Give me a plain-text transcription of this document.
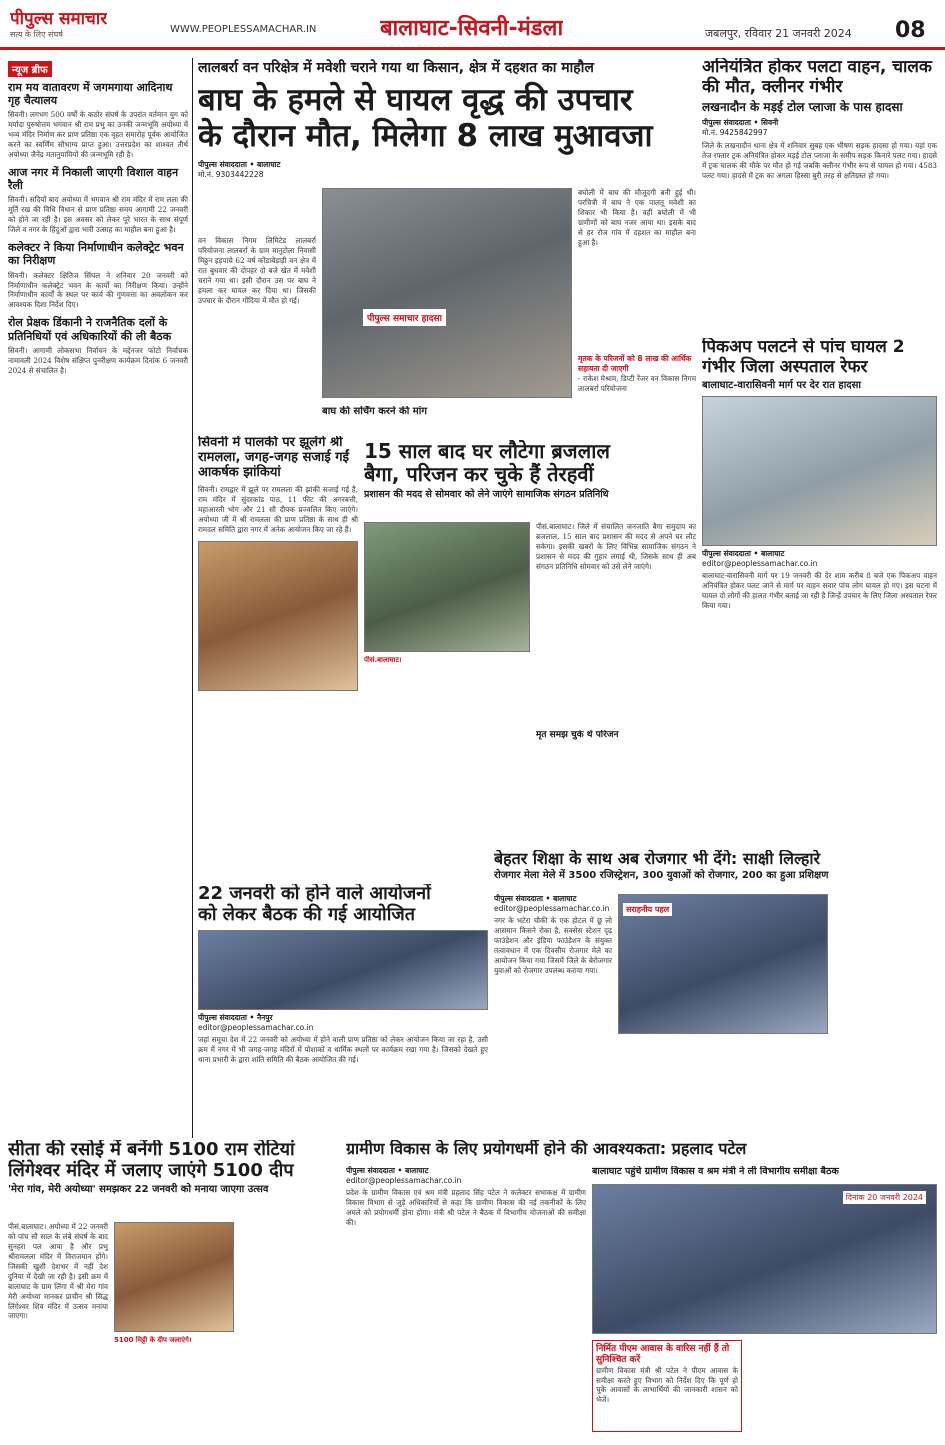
पीपुल्स समाचार
सत्य के लिए संघर्ष	WWW.PEOPLESSAMACHAR.IN	बालाघाट-सिवनी-मंडला	जबलपुर, रविवार 21 जनवरी 2024 08
न्यूज ब्रीफ
राम मय वातावरण में जगमगाया आदिनाथ गृह चैत्यालय
सिवनी। लगभग 500 वर्षों के कठोर संघर्ष के उपरांत वर्तमान युग को मर्यादा पुरुषोत्तम भगवान श्री राम प्रभु का उनकी जन्मभूमि अयोध्या में भव्य मंदिर निर्माण कर प्राण प्रतिष्ठा एक वृहत समारोह पूर्वक आयोजित करने का स्वर्णिम सौभाग्य प्राप्त हुआ। उत्तरप्रदेश का शाश्वत तीर्थ अयोध्या जैनेंद्र मतानुयायियों की जन्मभूमि रही है।
आज नगर में निकाली जाएगी विशाल वाहन रैली
सिवनी। सदियों बाद अयोध्या में भगवान श्री राम मंदिर में राम लला की मूर्ति रख की विधि विधान से प्राण प्रतिष्ठा समय आगामी 22 जनवरी को होने जा रही है। इस अवसर को लेकर पूरे भारत के साथ संपूर्ण जिले व नगर के हिंदुओं द्वारा भारी उत्साह का माहौल बना हुआ है।
कलेक्टर ने किया निर्माणाधीन कलेक्ट्रेट भवन का निरीक्षण
सिवनी। कलेक्टर क्षितिज सिंघल ने शनिवार 20 जनवरी को निर्माणाधीन कलेक्ट्रेट भवन के कार्यों का निरीक्षण किया। उन्होंने निर्माणाधीन कार्यों के स्थल पर कार्य की गुणवत्ता का अवलोकन कर आवश्यक दिशा निर्देश दिए।
रोल प्रेक्षक डिंकानी ने राजनैतिक दलों के प्रतिनिधियों एवं अधिकारियों की ली बैठक
सिवनी। आगामी लोकसभा निर्वाचन के मद्देनजर फोटो निर्वाचक नामावली 2024 विशेष संक्षिप्त पुनरीक्षण कार्यक्रम दिनांक 6 जनवरी 2024 से संचालित है।
लालबर्रा वन परिक्षेत्र में मवेशी चराने गया था किसान, क्षेत्र में दहशत का माहौल
बाघ के हमले से घायल वृद्ध की उपचार
के दौरान मौत, मिलेगा 8 लाख मुआवजा
पीपुल्स संवाददाता • बालाघाट
मो.नं. 9303442228
वन विकास निगम लिमिटेड लालबर्रा परियोजना लालबर्रा के ग्राम मानुटोला निवासी मिठ्ठन इड़पाचे 62 वर्ष कोंडाबेड़ाड़ी वन क्षेत्र में रात बुधवार की दोपहर दो बजे खेत में मवेशी चराने गया था। इसी दौरान उस पर बाघ ने हमला कर घायल कर दिया था। जिसकी उपचार के दौरान गोंदिया में मौत हो गई।
पीपुल्स समाचार हादसा
बघोली में बाघ की मौजूदगी बनी हुई थी। परचित्री में बाघ ने एक पालतू मवेशी का शिकार भी किया है। वहीं बघोली में भी ग्रामीणों को बाघ नजर आया था। इसके बाद से हर रोज गांव में दहशत का माहौल बना हुआ है।
मृतक के परिजनों को 8 लाख की आर्थिक सहायता दी जाएगी
- राकेश मेश्राम, डिप्टी रेंजर वन विकास निगम लालबर्रा परियोजना
बाघ की सर्चिंग करने की मांग
अनियंत्रित होकर पलटा वाहन, चालक की मौत, क्लीनर गंभीर
लखनादौन के मड़ई टोल प्लाजा के पास हादसा
पीपुल्स संवाददाता • सिवनी
मो.नं. 9425842997
जिले के लखनादौन थाना क्षेत्र में शनिवार सुबह एक भीषण सड़क हादसा हो गया। यहां एक तेज रफ्तार ट्रक अनियंत्रित होकर मड़ई टोल प्लाजा के समीप सड़क किनारे पलट गया। हादसे में ट्रक चालक की मौके पर मौत हो गई जबकि क्लीनर गंभीर रूप से घायल हो गया। 4583 पलट गया। हादसे में ट्रक का अगला हिस्सा बुरी तरह से क्षतिग्रस्त हो गया।
पिकअप पलटने से पांच घायल 2 गंभीर जिला अस्पताल रेफर
बालाघाट-वारासिवनी मार्ग पर देर रात हादसा
पीपुल्स संवाददाता • बालाघाट
editor@peoplessamachar.co.in
बालाघाट-वारासिवनी मार्ग पर 19 जनवरी की देर शाम करीब 8 बजे एक पिकअप वाहन अनियंत्रित होकर पलट जाने से मार्ग पर वाहन सवार पांच लोग घायल हो गए। इस घटना में घायल दो लोगों की हालत गंभीर बताई जा रही है जिन्हें उपचार के लिए जिला अस्पताल रेफर किया गया।
सिवनी में पालकी पर झूलेंगे श्री रामलला, जगह-जगह सजाई गईं आकर्षक झांकियां
सिवनी। रामद्वार में झूले पर रामलला की झांकी सजाई गई है, राम मंदिर में सुंदरकांड पाठ, 11 फीट की अगरबत्ती, महाआरती भोग और 21 सौ दीपक प्रज्वलित किए जाएंगे। अयोध्या जी में श्री रामलला की प्राण प्रतिष्ठा के साथ ही श्री रामदल समिति द्वारा नगर में अनेक आयोजन किए जा रहे हैं।
15 साल बाद घर लौटेगा ब्रजलाल
बैगा, परिजन कर चुके हैं तेरहवीं
प्रशासन की मदद से सोमवार को लेने जाएंगे सामाजिक संगठन प्रतिनिधि
पीसं.बालाघाट। जिले में संचालित जनजाति बैगा समुदाय का ब्रजलाल, 15 साल बाद प्रशासन की मदद से अपने घर लौट सकेगा। इसकी खबरों के लिए विभिन्न सामाजिक संगठन ने प्रशासन से मदद की गुहार लगाई थी, जिसके साथ ही अब संगठन प्रतिनिधि सोमवार को उसे लेने जाएंगे।
पीसं.बालाघाट।
मृत समझ चुके थे परिजन
22 जनवरी को होने वाले आयोजनों
को लेकर बैठक की गई आयोजित
पीपुल्स संवाददाता • नैनपुर
editor@peoplessamachar.co.in
जहां समूचा देश में 22 जनवरी को अयोध्या में होने वाली प्राण प्रतिष्ठा को लेकर आयोजन किया जा रहा है, उसी क्रम में नगर में भी जगह-जगह मंदिरों में पोशाकों व धार्मिक स्थलों पर कार्यक्रम रखा गया है। जिसको देखते हुए थाना प्रभारी के द्वारा शांति समिति की बैठक आयोजित की गई।
बेहतर शिक्षा के साथ अब रोजगार भी देंगे: साक्षी लिल्हारे
रोजगार मेला मेले में 3500 रजिस्ट्रेशन, 300 युवाओं को रोजगार, 200 का हुआ प्रशिक्षण
पीपुल्स संवाददाता • बालाघाट
editor@peoplessamachar.co.in
नगर के भटेरा चौकी के एक होटल में छू लो आसमान किसने रोका है, सक्सेस स्टेशन दृढ़ फाउंडेशन और इंडिया फाउंडेशन के संयुक्त तत्वावधान में एक दिवसीय रोजगार मेले का आयोजन किया गया जिसमें जिले के बेरोजगार युवाओं को रोजगार उपलब्ध कराया गया।
सराहनीय पहल
सीता की रसोई में बनेंगी 5100 राम रोटियां
लिंगेश्वर मंदिर में जलाए जाएंगे 5100 दीप
'मेरा गांव, मेरी अयोध्या' समझकर 22 जनवरी को मनाया जाएगा उत्सव
पीसं.बालाघाट। अयोध्या में 22 जनवरी को पांच सौ साल के लंबे संघर्ष के बाद सुनहरा पल आया है और प्रभु श्रीरामलला मंदिर में विराजमान होंगे। जिसकी खुशी देशभर में नहीं देश दुनिया में देखी जा रही है। इसी क्रम में बालाघाट के ग्राम लिंगा में श्री मेरा गांव मेरी अयोध्या मानकर प्राचीन श्री सिद्ध लिंगेश्वर शिव मंदिर में उत्सव मनाया जाएगा।
5100 मिट्टी के दीप जलाएंगे।
ग्रामीण विकास के लिए प्रयोगधर्मी होने की आवश्यकता: प्रहलाद पटेल
पीपुल्स संवाददाता • बालाघाट
editor@peoplessamachar.co.in
प्रदेश के ग्रामीण विकास एवं श्रम मंत्री प्रहलाद सिंह पटेल ने कलेक्टर सभाकक्ष में ग्रामीण विकास विभाग से जुड़े अधिकारियों से कहा कि ग्रामीण विकास की नई तकनीकों के लिए अमले को प्रयोगधर्मी होना होगा। मंत्री श्री पटेल ने बैठक में विभागीय योजनाओं की समीक्षा की।
बालाघाट पहुंचे ग्रामीण विकास व श्रम मंत्री ने ली विभागीय समीक्षा बैठक
दिनांक 20 जनवरी 2024
निर्मित पीएम आवास के वारिस नहीं हैं तो सुनिश्चित करें
ग्रामीण विकास मंत्री श्री पटेल ने पीएम आवास के समीक्षा करते हुए विभाग को निर्देश दिए कि पूर्ण हो चुके आवासों के लाभार्थियों की जानकारी शासन को भेजें।
